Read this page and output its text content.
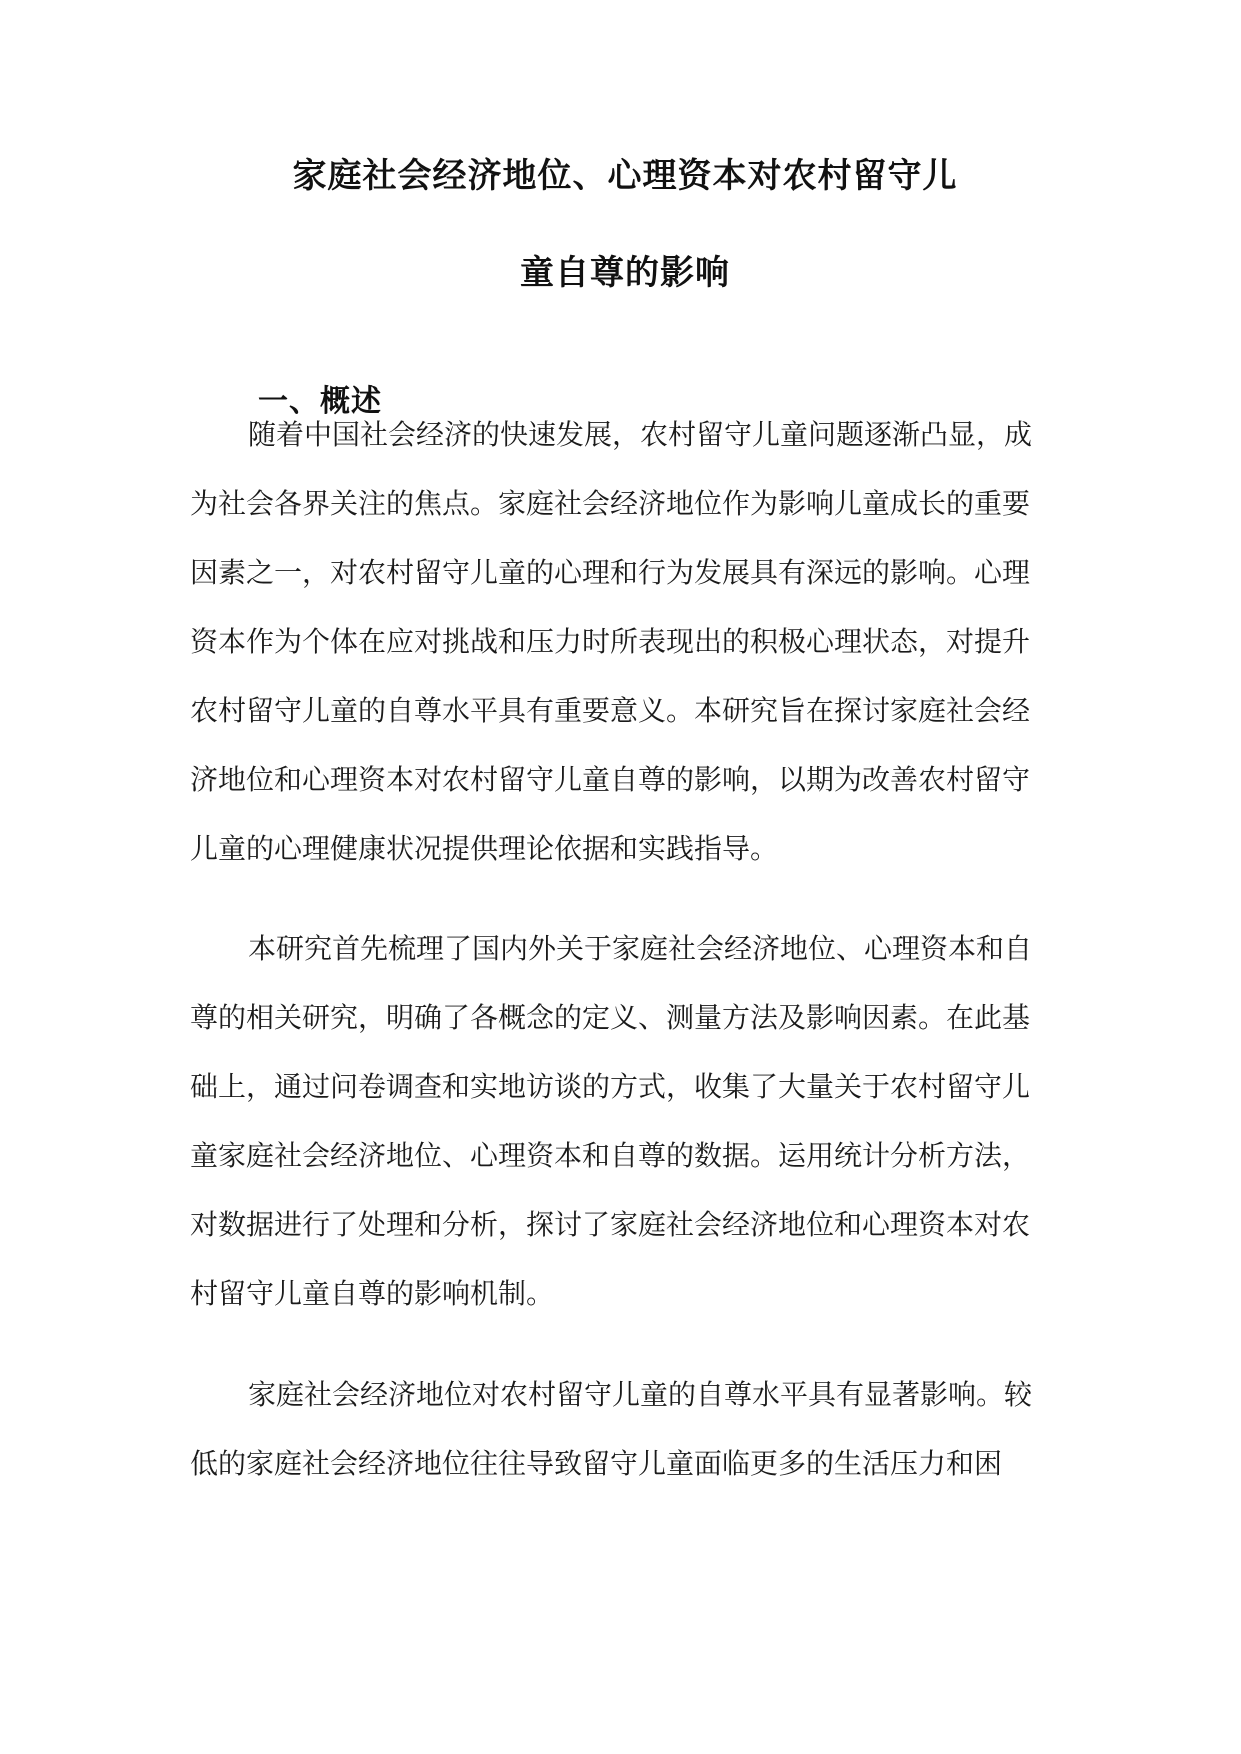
家庭社会经济地位、心理资本对农村留守儿
童自尊的影响
一、概述
随着中国社会经济的快速发展，农村留守儿童问题逐渐凸显，成
为社会各界关注的焦点。家庭社会经济地位作为影响儿童成长的重要
因素之一，对农村留守儿童的心理和行为发展具有深远的影响。心理
资本作为个体在应对挑战和压力时所表现出的积极心理状态，对提升
农村留守儿童的自尊水平具有重要意义。本研究旨在探讨家庭社会经
济地位和心理资本对农村留守儿童自尊的影响，以期为改善农村留守
儿童的心理健康状况提供理论依据和实践指导。
本研究首先梳理了国内外关于家庭社会经济地位、心理资本和自
尊的相关研究，明确了各概念的定义、测量方法及影响因素。在此基
础上，通过问卷调查和实地访谈的方式，收集了大量关于农村留守儿
童家庭社会经济地位、心理资本和自尊的数据。运用统计分析方法，
对数据进行了处理和分析，探讨了家庭社会经济地位和心理资本对农
村留守儿童自尊的影响机制。
家庭社会经济地位对农村留守儿童的自尊水平具有显著影响。较
低的家庭社会经济地位往往导致留守儿童面临更多的生活压力和困
